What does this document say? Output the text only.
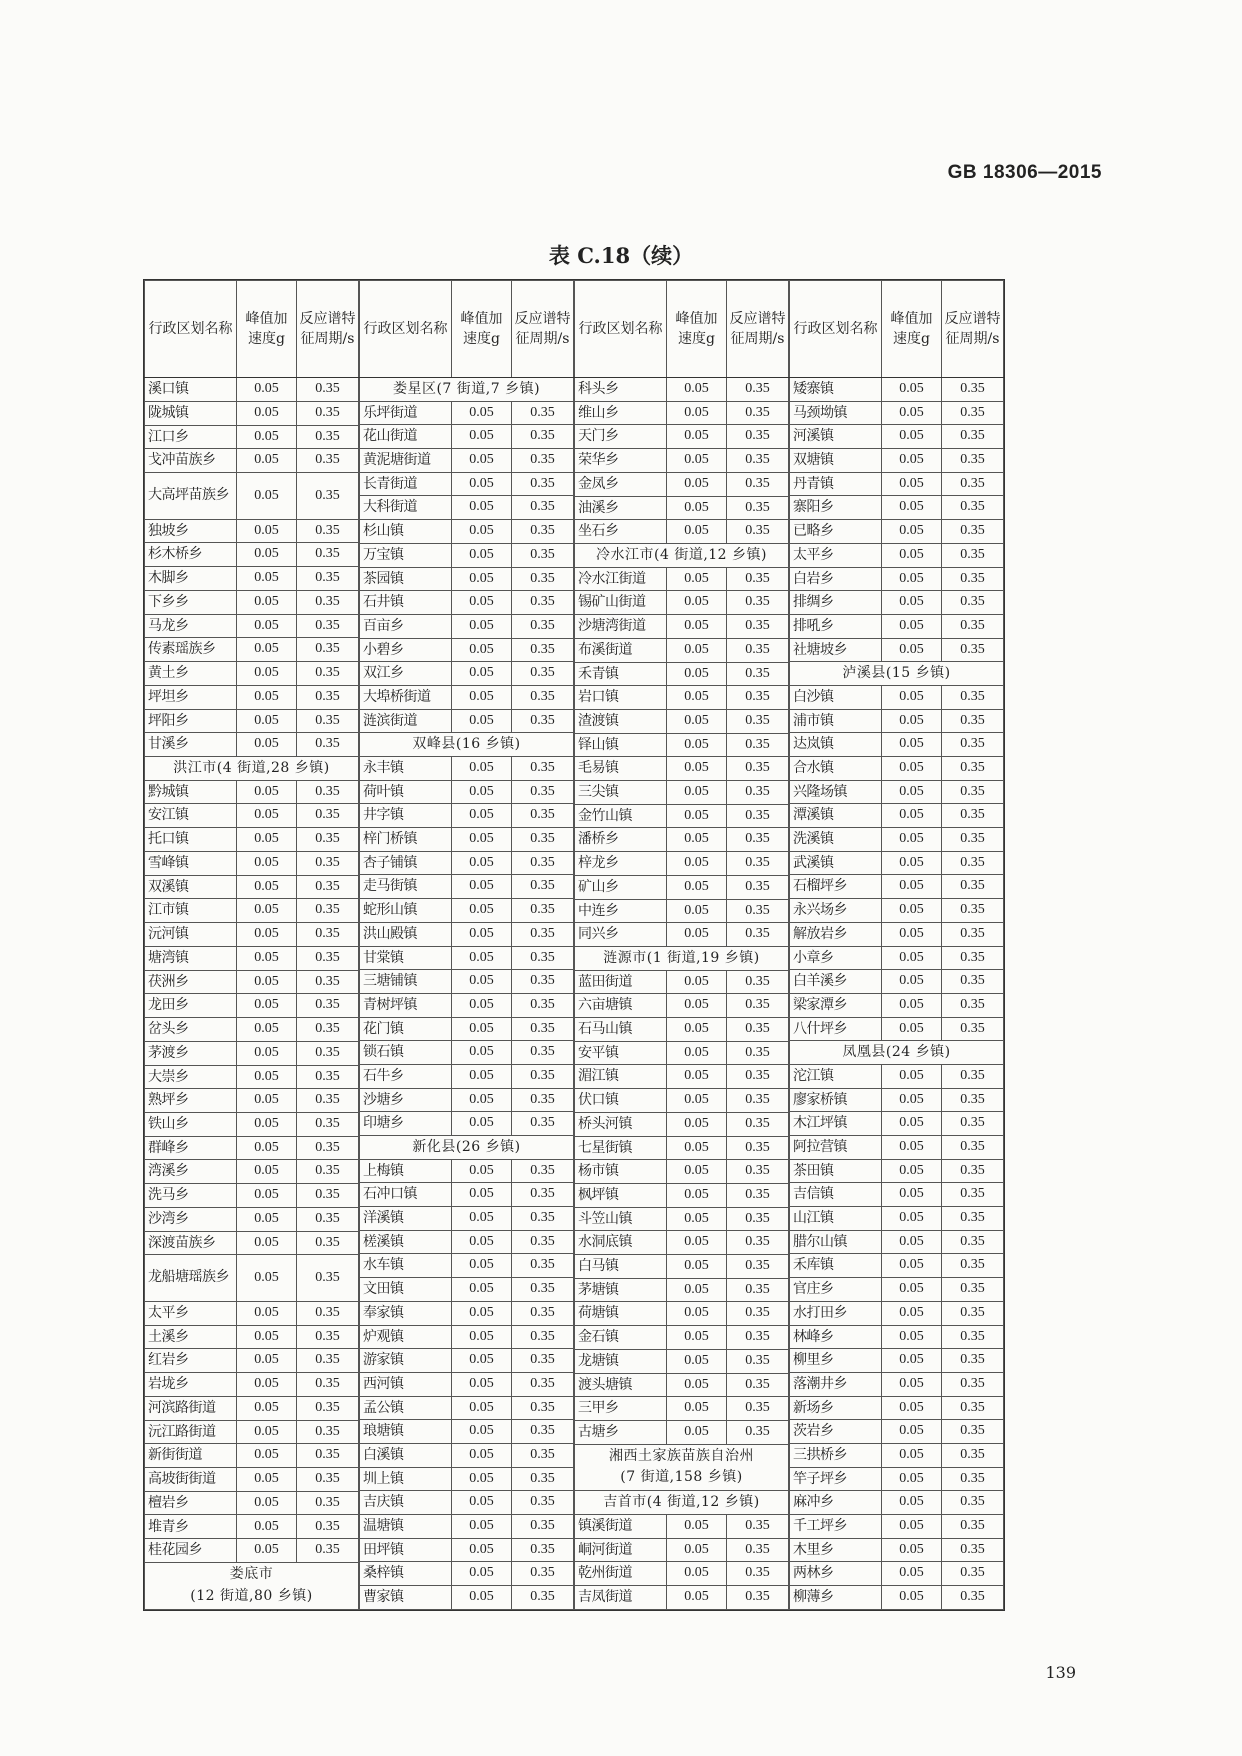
GB 18306—2015
表 C.18（续）
行政区划名称	峰值加速度g	反应谱特征周期/s
溪口镇	0.05	0.35
陇城镇	0.05	0.35
江口乡	0.05	0.35
戈冲苗族乡	0.05	0.35
大高坪苗族乡	0.05	0.35
独坡乡	0.05	0.35
杉木桥乡	0.05	0.35
木脚乡	0.05	0.35
下乡乡	0.05	0.35
马龙乡	0.05	0.35
传素瑶族乡	0.05	0.35
黄土乡	0.05	0.35
坪坦乡	0.05	0.35
坪阳乡	0.05	0.35
甘溪乡	0.05	0.35
洪江市(4 街道,28 乡镇)		
黔城镇	0.05	0.35
安江镇	0.05	0.35
托口镇	0.05	0.35
雪峰镇	0.05	0.35
双溪镇	0.05	0.35
江市镇	0.05	0.35
沅河镇	0.05	0.35
塘湾镇	0.05	0.35
茯洲乡	0.05	0.35
龙田乡	0.05	0.35
岔头乡	0.05	0.35
茅渡乡	0.05	0.35
大崇乡	0.05	0.35
熟坪乡	0.05	0.35
铁山乡	0.05	0.35
群峰乡	0.05	0.35
湾溪乡	0.05	0.35
洗马乡	0.05	0.35
沙湾乡	0.05	0.35
深渡苗族乡	0.05	0.35
龙船塘瑶族乡	0.05	0.35
太平乡	0.05	0.35
土溪乡	0.05	0.35
红岩乡	0.05	0.35
岩垅乡	0.05	0.35
河滨路街道	0.05	0.35
沅江路街道	0.05	0.35
新街街道	0.05	0.35
高坡街街道	0.05	0.35
檀岩乡	0.05	0.35
堆青乡	0.05	0.35
桂花园乡	0.05	0.35
娄底市
(12 街道,80 乡镇)		
行政区划名称	峰值加速度g	反应谱特征周期/s
娄星区(7 街道,7 乡镇)		
乐坪街道	0.05	0.35
花山街道	0.05	0.35
黄泥塘街道	0.05	0.35
长青街道	0.05	0.35
大科街道	0.05	0.35
杉山镇	0.05	0.35
万宝镇	0.05	0.35
茶园镇	0.05	0.35
石井镇	0.05	0.35
百亩乡	0.05	0.35
小碧乡	0.05	0.35
双江乡	0.05	0.35
大埠桥街道	0.05	0.35
涟滨街道	0.05	0.35
双峰县(16 乡镇)		
永丰镇	0.05	0.35
荷叶镇	0.05	0.35
井字镇	0.05	0.35
梓门桥镇	0.05	0.35
杏子铺镇	0.05	0.35
走马街镇	0.05	0.35
蛇形山镇	0.05	0.35
洪山殿镇	0.05	0.35
甘棠镇	0.05	0.35
三塘铺镇	0.05	0.35
青树坪镇	0.05	0.35
花门镇	0.05	0.35
锁石镇	0.05	0.35
石牛乡	0.05	0.35
沙塘乡	0.05	0.35
印塘乡	0.05	0.35
新化县(26 乡镇)		
上梅镇	0.05	0.35
石冲口镇	0.05	0.35
洋溪镇	0.05	0.35
槎溪镇	0.05	0.35
水车镇	0.05	0.35
文田镇	0.05	0.35
奉家镇	0.05	0.35
炉观镇	0.05	0.35
游家镇	0.05	0.35
西河镇	0.05	0.35
孟公镇	0.05	0.35
琅塘镇	0.05	0.35
白溪镇	0.05	0.35
圳上镇	0.05	0.35
吉庆镇	0.05	0.35
温塘镇	0.05	0.35
田坪镇	0.05	0.35
桑梓镇	0.05	0.35
曹家镇	0.05	0.35
行政区划名称	峰值加速度g	反应谱特征周期/s
科头乡	0.05	0.35
维山乡	0.05	0.35
天门乡	0.05	0.35
荣华乡	0.05	0.35
金凤乡	0.05	0.35
油溪乡	0.05	0.35
坐石乡	0.05	0.35
冷水江市(4 街道,12 乡镇)		
冷水江街道	0.05	0.35
锡矿山街道	0.05	0.35
沙塘湾街道	0.05	0.35
布溪街道	0.05	0.35
禾青镇	0.05	0.35
岩口镇	0.05	0.35
渣渡镇	0.05	0.35
铎山镇	0.05	0.35
毛易镇	0.05	0.35
三尖镇	0.05	0.35
金竹山镇	0.05	0.35
潘桥乡	0.05	0.35
梓龙乡	0.05	0.35
矿山乡	0.05	0.35
中连乡	0.05	0.35
同兴乡	0.05	0.35
涟源市(1 街道,19 乡镇)		
蓝田街道	0.05	0.35
六亩塘镇	0.05	0.35
石马山镇	0.05	0.35
安平镇	0.05	0.35
湄江镇	0.05	0.35
伏口镇	0.05	0.35
桥头河镇	0.05	0.35
七星街镇	0.05	0.35
杨市镇	0.05	0.35
枫坪镇	0.05	0.35
斗笠山镇	0.05	0.35
水洞底镇	0.05	0.35
白马镇	0.05	0.35
茅塘镇	0.05	0.35
荷塘镇	0.05	0.35
金石镇	0.05	0.35
龙塘镇	0.05	0.35
渡头塘镇	0.05	0.35
三甲乡	0.05	0.35
古塘乡	0.05	0.35
湘西土家族苗族自治州
(7 街道,158 乡镇)		
吉首市(4 街道,12 乡镇)		
镇溪街道	0.05	0.35
峒河街道	0.05	0.35
乾州街道	0.05	0.35
吉凤街道	0.05	0.35
行政区划名称	峰值加速度g	反应谱特征周期/s
矮寨镇	0.05	0.35
马颈坳镇	0.05	0.35
河溪镇	0.05	0.35
双塘镇	0.05	0.35
丹青镇	0.05	0.35
寨阳乡	0.05	0.35
已略乡	0.05	0.35
太平乡	0.05	0.35
白岩乡	0.05	0.35
排绸乡	0.05	0.35
排吼乡	0.05	0.35
社塘坡乡	0.05	0.35
泸溪县(15 乡镇)		
白沙镇	0.05	0.35
浦市镇	0.05	0.35
达岚镇	0.05	0.35
合水镇	0.05	0.35
兴隆场镇	0.05	0.35
潭溪镇	0.05	0.35
洗溪镇	0.05	0.35
武溪镇	0.05	0.35
石榴坪乡	0.05	0.35
永兴场乡	0.05	0.35
解放岩乡	0.05	0.35
小章乡	0.05	0.35
白羊溪乡	0.05	0.35
梁家潭乡	0.05	0.35
八什坪乡	0.05	0.35
凤凰县(24 乡镇)		
沱江镇	0.05	0.35
廖家桥镇	0.05	0.35
木江坪镇	0.05	0.35
阿拉营镇	0.05	0.35
茶田镇	0.05	0.35
吉信镇	0.05	0.35
山江镇	0.05	0.35
腊尔山镇	0.05	0.35
禾库镇	0.05	0.35
官庄乡	0.05	0.35
水打田乡	0.05	0.35
林峰乡	0.05	0.35
柳里乡	0.05	0.35
落潮井乡	0.05	0.35
新场乡	0.05	0.35
茨岩乡	0.05	0.35
三拱桥乡	0.05	0.35
竿子坪乡	0.05	0.35
麻冲乡	0.05	0.35
千工坪乡	0.05	0.35
木里乡	0.05	0.35
两林乡	0.05	0.35
柳薄乡	0.05	0.35
139
